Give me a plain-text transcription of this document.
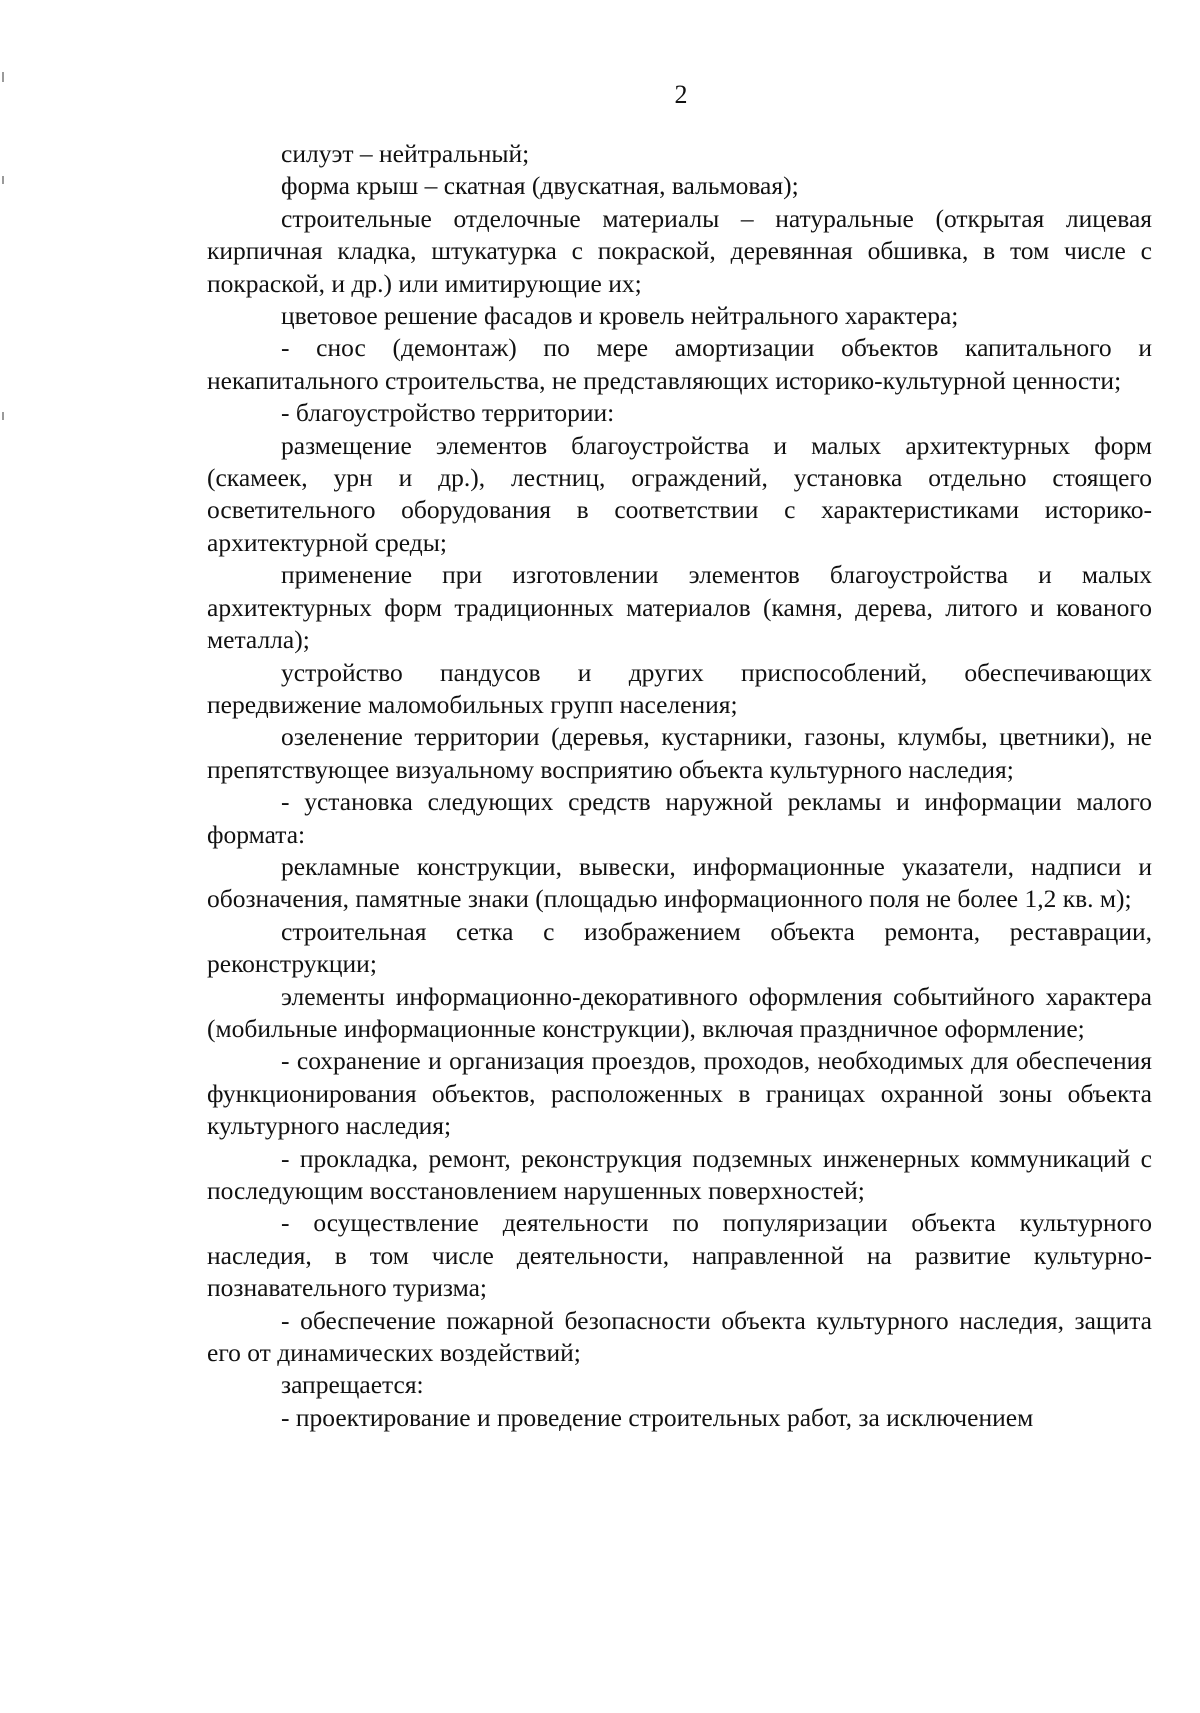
2

силуэт – нейтральный;

форма крыш – скатная (двускатная, вальмовая);

строительные отделочные материалы – натуральные (открытая лицевая кирпичная кладка, штукатурка с покраской, деревянная обшивка, в том числе с покраской, и др.) или имитирующие их;

цветовое решение фасадов и кровель нейтрального характера;

- снос (демонтаж) по мере амортизации объектов капитального и некапитального строительства, не представляющих историко-культурной ценности;

- благоустройство территории:

размещение элементов благоустройства и малых архитектурных форм (скамеек, урн и др.), лестниц, ограждений, установка отдельно стоящего осветительного оборудования в соответствии с характеристиками историко-архитектурной среды;

применение при изготовлении элементов благоустройства и малых архитектурных форм традиционных материалов (камня, дерева, литого и кованого металла);

устройство пандусов и других приспособлений, обеспечивающих передвижение маломобильных групп населения;

озеленение территории (деревья, кустарники, газоны, клумбы, цветники), не препятствующее визуальному восприятию объекта культурного наследия;

- установка следующих средств наружной рекламы и информации малого формата:

рекламные конструкции, вывески, информационные указатели, надписи и обозначения, памятные знаки (площадью информационного поля не более 1,2 кв. м);

строительная сетка с изображением объекта ремонта, реставрации, реконструкции;

элементы информационно-декоративного оформления событийного характера (мобильные информационные конструкции), включая праздничное оформление;

- сохранение и организация проездов, проходов, необходимых для обеспечения функционирования объектов, расположенных в границах охранной зоны объекта культурного наследия;

- прокладка, ремонт, реконструкция подземных инженерных коммуникаций с последующим восстановлением нарушенных поверхностей;

- осуществление деятельности по популяризации объекта культурного наследия, в том числе деятельности, направленной на развитие культурно-познавательного туризма;

- обеспечение пожарной безопасности объекта культурного наследия, защита его от динамических воздействий;

запрещается:

- проектирование и проведение строительных работ, за исключением
